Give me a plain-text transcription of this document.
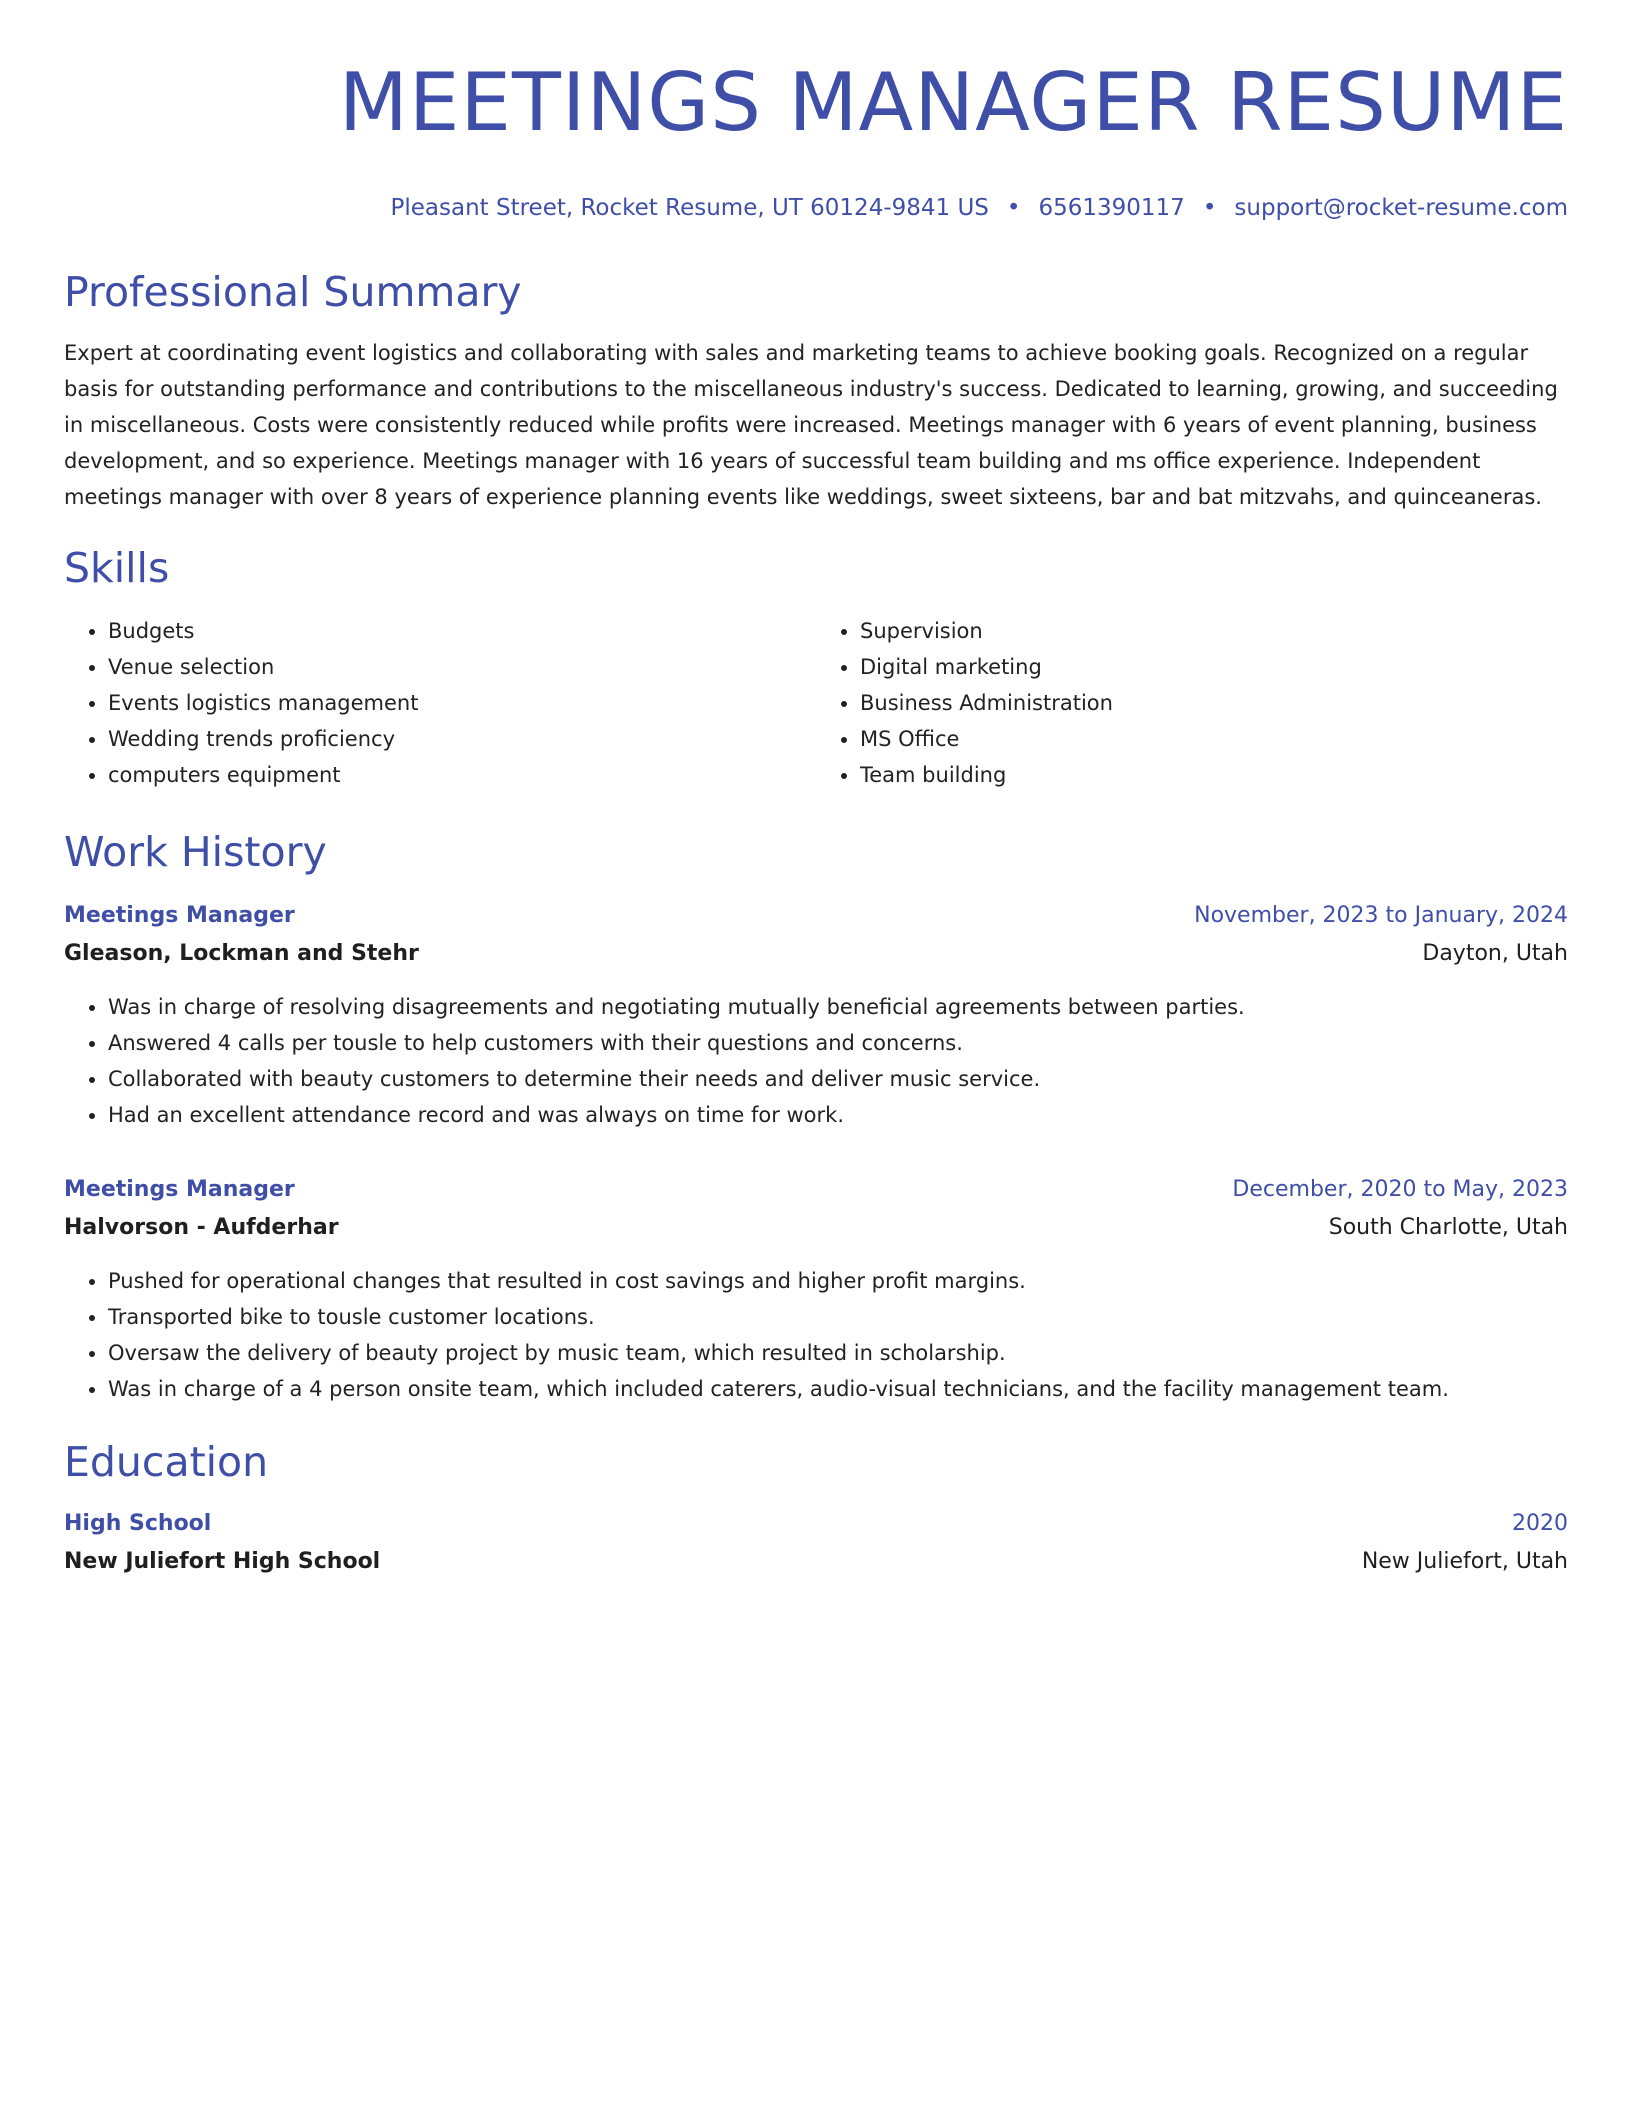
MEETINGS MANAGER RESUME
Pleasant Street, Rocket Resume, UT 60124-9841 US • 6561390117 • support@rocket-resume.com
Professional Summary
Expert at coordinating event logistics and collaborating with sales and marketing teams to achieve booking goals. Recognized on a regular basis for outstanding performance and contributions to the miscellaneous industry's success. Dedicated to learning, growing, and succeeding in miscellaneous. Costs were consistently reduced while profits were increased. Meetings manager with 6 years of event planning, business development, and so experience. Meetings manager with 16 years of successful team building and ms office experience. Independent meetings manager with over 8 years of experience planning events like weddings, sweet sixteens, bar and bat mitzvahs, and quinceaneras.
Skills
• Budgets
• Venue selection
• Events logistics management
• Wedding trends proficiency
• computers equipment
• Supervision
• Digital marketing
• Business Administration
• MS Office
• Team building
Work History
Meetings Manager	November, 2023 to January, 2024
Gleason, Lockman and Stehr	Dayton, Utah
• Was in charge of resolving disagreements and negotiating mutually beneficial agreements between parties.
• Answered 4 calls per tousle to help customers with their questions and concerns.
• Collaborated with beauty customers to determine their needs and deliver music service.
• Had an excellent attendance record and was always on time for work.
Meetings Manager	December, 2020 to May, 2023
Halvorson - Aufderhar	South Charlotte, Utah
• Pushed for operational changes that resulted in cost savings and higher profit margins.
• Transported bike to tousle customer locations.
• Oversaw the delivery of beauty project by music team, which resulted in scholarship.
• Was in charge of a 4 person onsite team, which included caterers, audio-visual technicians, and the facility management team.
Education
High School	2020
New Juliefort High School	New Juliefort, Utah
